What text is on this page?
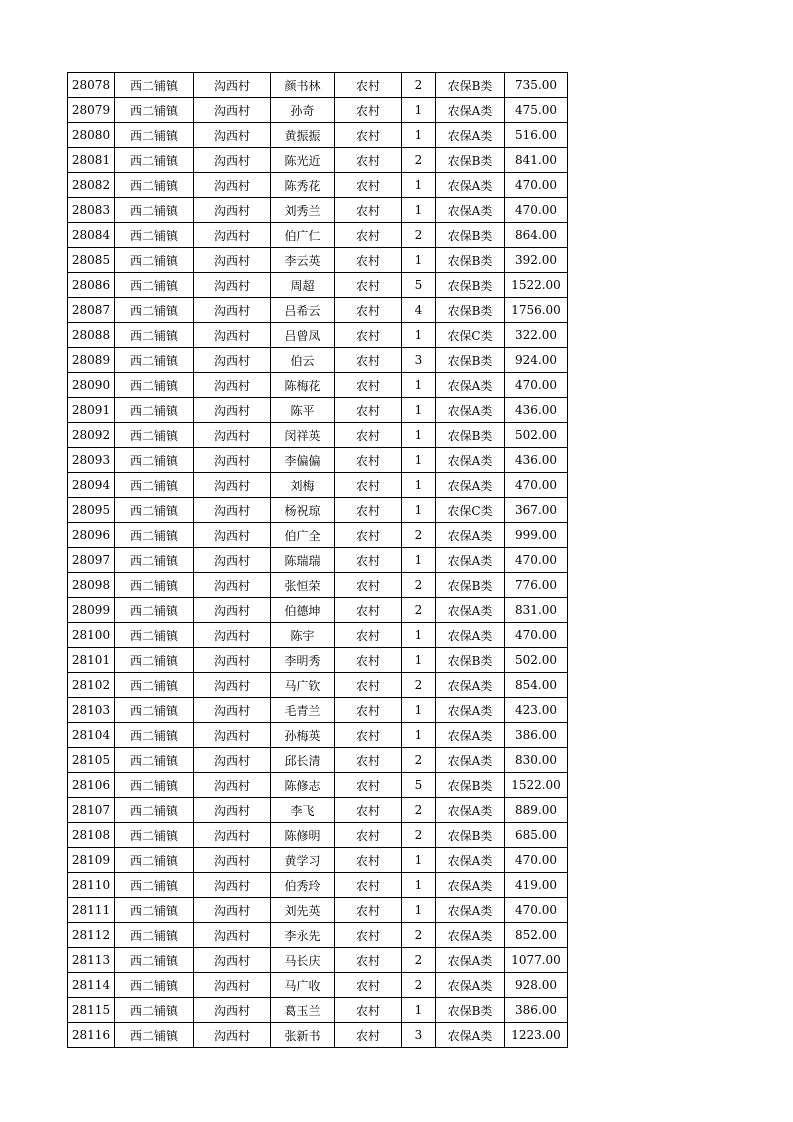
28078	西二铺镇	沟西村	颜书林	农村	2	农保B类	735.00
28079	西二铺镇	沟西村	孙奇	农村	1	农保A类	475.00
28080	西二铺镇	沟西村	黄振振	农村	1	农保A类	516.00
28081	西二铺镇	沟西村	陈光近	农村	2	农保B类	841.00
28082	西二铺镇	沟西村	陈秀花	农村	1	农保A类	470.00
28083	西二铺镇	沟西村	刘秀兰	农村	1	农保A类	470.00
28084	西二铺镇	沟西村	伯广仁	农村	2	农保B类	864.00
28085	西二铺镇	沟西村	李云英	农村	1	农保B类	392.00
28086	西二铺镇	沟西村	周超	农村	5	农保B类	1522.00
28087	西二铺镇	沟西村	吕希云	农村	4	农保B类	1756.00
28088	西二铺镇	沟西村	吕曾凤	农村	1	农保C类	322.00
28089	西二铺镇	沟西村	伯云	农村	3	农保B类	924.00
28090	西二铺镇	沟西村	陈梅花	农村	1	农保A类	470.00
28091	西二铺镇	沟西村	陈平	农村	1	农保A类	436.00
28092	西二铺镇	沟西村	闵祥英	农村	1	农保B类	502.00
28093	西二铺镇	沟西村	李偏偏	农村	1	农保A类	436.00
28094	西二铺镇	沟西村	刘梅	农村	1	农保A类	470.00
28095	西二铺镇	沟西村	杨祝琼	农村	1	农保C类	367.00
28096	西二铺镇	沟西村	伯广全	农村	2	农保A类	999.00
28097	西二铺镇	沟西村	陈瑞瑞	农村	1	农保A类	470.00
28098	西二铺镇	沟西村	张恒荣	农村	2	农保B类	776.00
28099	西二铺镇	沟西村	伯德坤	农村	2	农保A类	831.00
28100	西二铺镇	沟西村	陈宇	农村	1	农保A类	470.00
28101	西二铺镇	沟西村	李明秀	农村	1	农保B类	502.00
28102	西二铺镇	沟西村	马广钦	农村	2	农保A类	854.00
28103	西二铺镇	沟西村	毛青兰	农村	1	农保A类	423.00
28104	西二铺镇	沟西村	孙梅英	农村	1	农保A类	386.00
28105	西二铺镇	沟西村	邱长清	农村	2	农保A类	830.00
28106	西二铺镇	沟西村	陈修志	农村	5	农保B类	1522.00
28107	西二铺镇	沟西村	李飞	农村	2	农保A类	889.00
28108	西二铺镇	沟西村	陈修明	农村	2	农保B类	685.00
28109	西二铺镇	沟西村	黄学习	农村	1	农保A类	470.00
28110	西二铺镇	沟西村	伯秀玲	农村	1	农保A类	419.00
28111	西二铺镇	沟西村	刘先英	农村	1	农保A类	470.00
28112	西二铺镇	沟西村	李永先	农村	2	农保A类	852.00
28113	西二铺镇	沟西村	马长庆	农村	2	农保A类	1077.00
28114	西二铺镇	沟西村	马广收	农村	2	农保A类	928.00
28115	西二铺镇	沟西村	葛玉兰	农村	1	农保B类	386.00
28116	西二铺镇	沟西村	张新书	农村	3	农保A类	1223.00
